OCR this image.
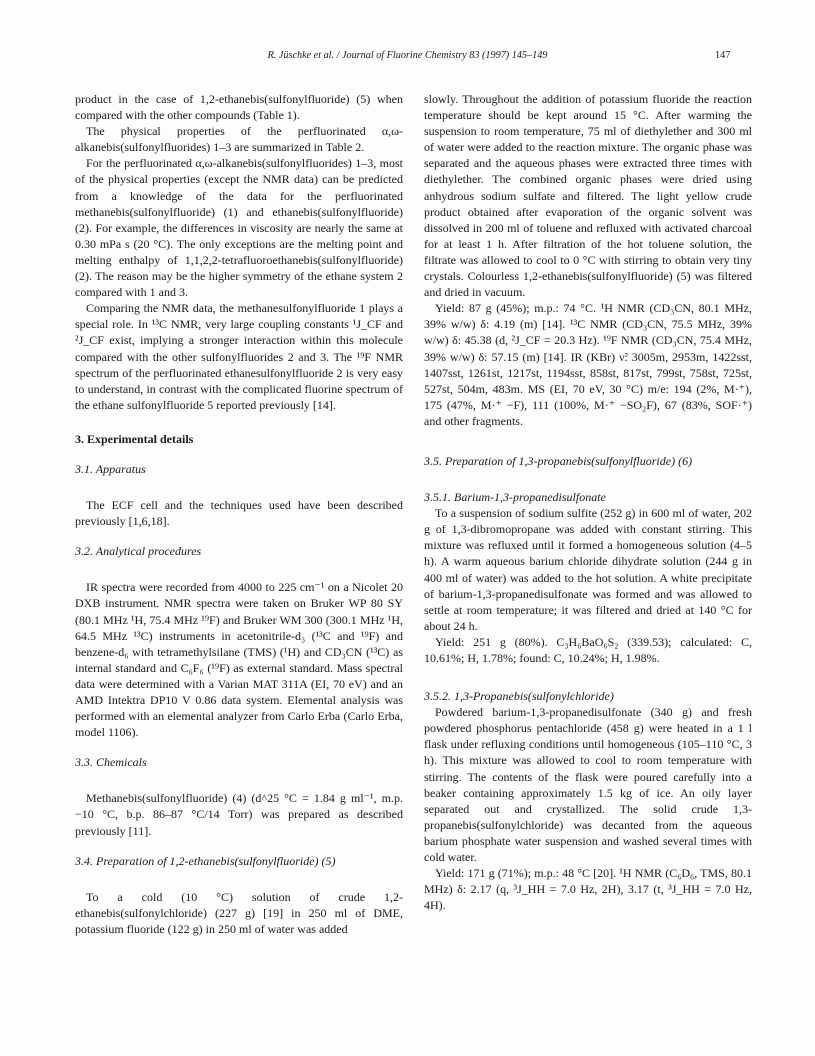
R. Jüschke et al. / Journal of Fluorine Chemistry 83 (1997) 145–149	147

product in the case of 1,2-ethanebis(sulfonylfluoride) (5) when compared with the other compounds (Table 1).

The physical properties of the perfluorinated α,ω-alkanebis(sulfonylfluorides) 1–3 are summarized in Table 2.

For the perfluorinated α,ω-alkanebis(sulfonylfluorides) 1–3, most of the physical properties (except the NMR data) can be predicted from a knowledge of the data for the perfluorinated methanebis(sulfonylfluoride) (1) and ethanebis(sulfonylfluoride) (2). For example, the differences in viscosity are nearly the same at 0.30 mPa s (20 °C). The only exceptions are the melting point and melting enthalpy of 1,1,2,2-tetrafluoroethanebis(sulfonylfluoride) (2). The reason may be the higher symmetry of the ethane system 2 compared with 1 and 3.

Comparing the NMR data, the methanesulfonylfluoride 1 plays a special role. In ¹³C NMR, very large coupling constants ¹J_CF and ²J_CF exist, implying a stronger interaction within this molecule compared with the other sulfonylfluorides 2 and 3. The ¹⁹F NMR spectrum of the perfluorinated ethanesulfonylfluoride 2 is very easy to understand, in contrast with the complicated fluorine spectrum of the ethane sulfonylfluoride 5 reported previously [14].

3. Experimental details
3.1. Apparatus

The ECF cell and the techniques used have been described previously [1,6,18].

3.2. Analytical procedures

IR spectra were recorded from 4000 to 225 cm⁻¹ on a Nicolet 20 DXB instrument. NMR spectra were taken on Bruker WP 80 SY (80.1 MHz ¹H, 75.4 MHz ¹⁹F) and Bruker WM 300 (300.1 MHz ¹H, 64.5 MHz ¹³C) instruments in acetonitrile-d₃ (¹³C and ¹⁹F) and benzene-d₆ with tetramethylsilane (TMS) (¹H) and CD₃CN (¹³C) as internal standard and C₆F₆ (¹⁹F) as external standard. Mass spectral data were determined with a Varian MAT 311A (EI, 70 eV) and an AMD Intektra DP10 V 0.86 data system. Elemental analysis was performed with an elemental analyzer from Carlo Erba (Carlo Erba, model 1106).

3.3. Chemicals

Methanebis(sulfonylfluoride) (4) (d^25 °C = 1.84 g ml⁻¹, m.p. −10 °C, b.p. 86–87 °C/14 Torr) was prepared as described previously [11].

3.4. Preparation of 1,2-ethanebis(sulfonylfluoride) (5)

To a cold (10 °C) solution of crude 1,2-ethanebis(sulfonylchloride) (227 g) [19] in 250 ml of DME, potassium fluoride (122 g) in 250 ml of water was added

slowly. Throughout the addition of potassium fluoride the reaction temperature should be kept around 15 °C. After warming the suspension to room temperature, 75 ml of diethylether and 300 ml of water were added to the reaction mixture. The organic phase was separated and the aqueous phases were extracted three times with diethylether. The combined organic phases were dried using anhydrous sodium sulfate and filtered. The light yellow crude product obtained after evaporation of the organic solvent was dissolved in 200 ml of toluene and refluxed with activated charcoal for at least 1 h. After filtration of the hot toluene solution, the filtrate was allowed to cool to 0 °C with stirring to obtain very tiny crystals. Colourless 1,2-ethanebis(sulfonylfluoride) (5) was filtered and dried in vacuum.

Yield: 87 g (45%); m.p.: 74 °C. ¹H NMR (CD₃CN, 80.1 MHz, 39% w/w) δ: 4.19 (m) [14]. ¹³C NMR (CD₃CN, 75.5 MHz, 39% w/w) δ: 45.38 (d, ²J_CF = 20.3 Hz). ¹⁹F NMR (CD₃CN, 75.4 MHz, 39% w/w) δ: 57.15 (m) [14]. IR (KBr) ν̃: 3005m, 2953m, 1422sst, 1407sst, 1261st, 1217st, 1194sst, 858st, 817st, 799st, 758st, 725st, 527st, 504m, 483m. MS (EI, 70 eV, 30 °C) m/e: 194 (2%, M·⁺), 175 (47%, M·⁺ −F), 111 (100%, M·⁺ −SO₂F), 67 (83%, SOF·⁺) and other fragments.

3.5. Preparation of 1,3-propanebis(sulfonylfluoride) (6)
3.5.1. Barium-1,3-propanedisulfonate

To a suspension of sodium sulfite (252 g) in 600 ml of water, 202 g of 1,3-dibromopropane was added with constant stirring. This mixture was refluxed until it formed a homogeneous solution (4–5 h). A warm aqueous barium chloride dihydrate solution (244 g in 400 ml of water) was added to the hot solution. A white precipitate of barium-1,3-propanedisulfonate was formed and was allowed to settle at room temperature; it was filtered and dried at 140 °C for about 24 h.

Yield: 251 g (80%). C₃H₆BaO₆S₂ (339.53); calculated: C, 10.61%; H, 1.78%; found: C, 10.24%; H, 1.98%.

3.5.2. 1,3-Propanebis(sulfonylchloride)

Powdered barium-1,3-propanedisulfonate (340 g) and fresh powdered phosphorus pentachloride (458 g) were heated in a 1 l flask under refluxing conditions until homogeneous (105–110 °C, 3 h). This mixture was allowed to cool to room temperature with stirring. The contents of the flask were poured carefully into a beaker containing approximately 1.5 kg of ice. An oily layer separated out and crystallized. The solid crude 1,3-propanebis(sulfonylchloride) was decanted from the aqueous barium phosphate water suspension and washed several times with cold water.

Yield: 171 g (71%); m.p.: 48 °C [20]. ¹H NMR (C₆D₆, TMS, 80.1 MHz) δ: 2.17 (q, ³J_HH = 7.0 Hz, 2H), 3.17 (t, ³J_HH = 7.0 Hz, 4H).
